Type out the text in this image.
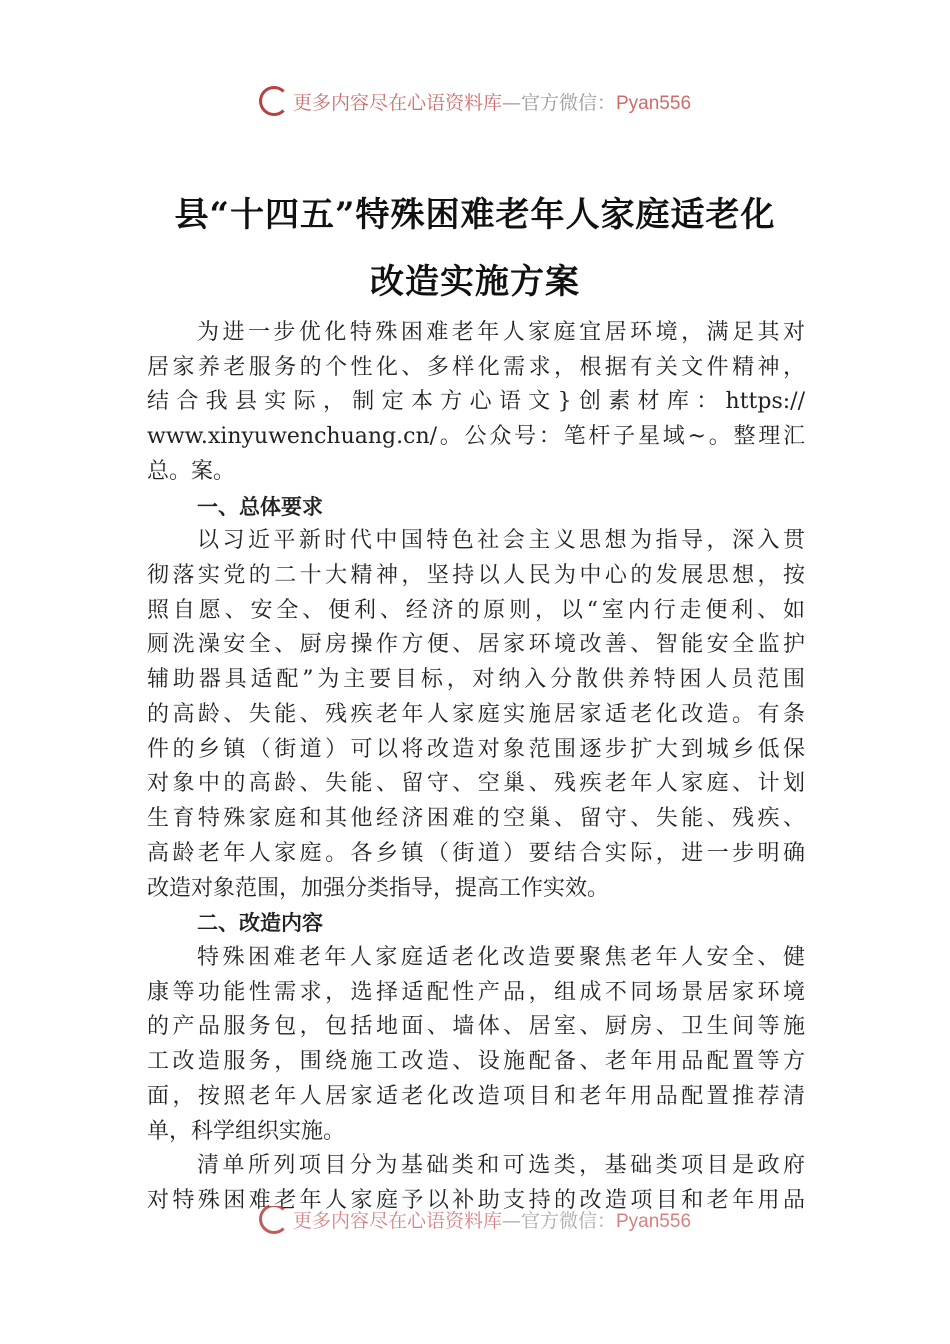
更多内容尽在心语资料库—官方微信：Pyan556
县“十四五”特殊困难老年人家庭适老化
改造实施方案
为进一步优化特殊困难老年人家庭宜居环境，满足其对
居家养老服务的个性化、多样化需求，根据有关文件精神，
结合我县实际，制定本方心语文}创素材库：https://
www.xinyuwenchuang.cn/。公众号：笔杆子星域~。整理汇
总。案。
一、总体要求
以习近平新时代中国特色社会主义思想为指导，深入贯
彻落实党的二十大精神，坚持以人民为中心的发展思想，按
照自愿、安全、便利、经济的原则，以“室内行走便利、如
厕洗澡安全、厨房操作方便、居家环境改善、智能安全监护
辅助器具适配”为主要目标，对纳入分散供养特困人员范围
的高龄、失能、残疾老年人家庭实施居家适老化改造。有条
件的乡镇（街道）可以将改造对象范围逐步扩大到城乡低保
对象中的高龄、失能、留守、空巢、残疾老年人家庭、计划
生育特殊家庭和其他经济困难的空巢、留守、失能、残疾、
高龄老年人家庭。各乡镇（街道）要结合实际，进一步明确
改造对象范围，加强分类指导，提高工作实效。
二、改造内容
特殊困难老年人家庭适老化改造要聚焦老年人安全、健
康等功能性需求，选择适配性产品，组成不同场景居家环境
的产品服务包，包括地面、墙体、居室、厨房、卫生间等施
工改造服务，围绕施工改造、设施配备、老年用品配置等方
面，按照老年人居家适老化改造项目和老年用品配置推荐清
单，科学组织实施。
清单所列项目分为基础类和可选类，基础类项目是政府
对特殊困难老年人家庭予以补助支持的改造项目和老年用品
更多内容尽在心语资料库—官方微信：Pyan556
